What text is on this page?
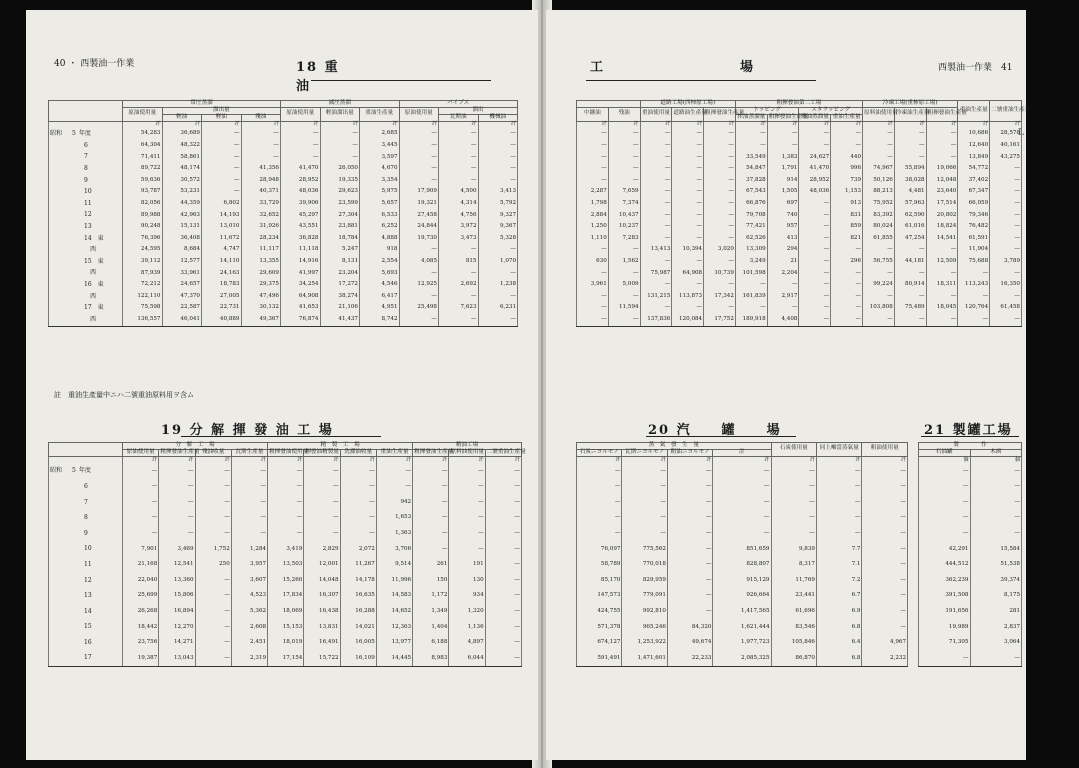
40 ・ 西製油一作業	18 重　　　　　　　　　　　　　油
	常圧蒸溜				減圧蒸溜			パイプス		
	原油使用量	溜出量			原油使用量	輕油溜出量	重油生產量	原油使用量	溜出	
		輕油	軽油	殘油					瓦斯油	機械油
	竏	竏	竏	竏	竏	竏	竏	竏	竏	竏
昭和 5 年度	54,283	36,689	—	—	—	—	2,685	—	—	—
6	64,304	48,322	—	—	—	—	3,445	—	—	—
7	71,411	58,861	—	—	—	—	3,597	—	—	—
8	89,722	48,174	—	41,356	41,470	26,050	4,670	—	—	—
9	59,636	30,572	—	28,948	28,952	19,335	3,354	—	—	—
10	93,787	53,231	—	40,371	48,036	29,623	5,975	17,909	4,500	3,413
11	82,056	44,359	6,802	33,729	39,906	23,599	5,657	19,321	4,314	5,792
12	89,988	42,963	14,193	32,652	45,297	27,304	6,533	27,458	4,756	9,327
13	90,248	15,131	13,010	31,926	43,551	23,881	6,252	24,844	3,972	9,367
14 東	76,396	36,408	11,672	28,234	36,828	18,784	4,888	19,730	3,473	5,328
西	24,595	8,684	4,747	11,117	11,118	5,247	918	—	—	—
15 東	39,112	12,577	14,110	13,355	14,916	8,131	2,554	4,085	815	1,070
西	87,939	33,961	24,163	29,609	41,997	23,204	5,693	—	—	—
16 東	72,212	24,657	18,783	29,375	34,254	17,272	4,546	12,925	2,692	1,238
西	122,110	47,370	27,005	47,496	64,908	38,274	6,417	—	—	—
17 東	75,598	22,587	22,731	30,132	41,653	21,106	4,951	25,498	7,623	6,231
西	136,557	46,041	40,889	49,367	76,874	41,437	8,742	—	—	—
註　重油生產量中ニハ二號重油原料用ヲ含ム
19 分 解 揮 發 油 工 場
	分　解　工　場				精　製　工　場				精油工場		
	原油使用量	粗揮發油生產量	殘油收量	瓦斯生產量	粗揮發油使用量	揮發油精製量	洗滌油收量	重油生產量	粗揮發油生產量	原料油使用量	二號重油生產量
	竏	竏	竏	竏	竏	竏	竏	竏	竏	竏	竏
昭和 5 年度	—	—	—	—	—	—	—	—	—	—	—
6	—	—	—	—	—	—	—	—	—	—	—
7	—	—	—	—	—	—	—	942	—	—	—
8	—	—	—	—	—	—	—	1,653	—	—	—
9	—	—	—	—	—	—	—	1,363	—	—	—
10	7,901	3,469	1,752	1,284	3,419	2,829	2,072	3,706	—	—	—
11	21,168	12,541	250	3,957	13,503	12,001	11,267	9,514	261	191	—
12	22,040	13,360	—	3,607	15,260	14,048	14,178	11,996	150	130	—
13	25,699	15,806	—	4,523	17,834	16,307	16,635	14,583	1,172	934	—
14	26,268	16,894	—	5,362	18,069	16,438	16,288	14,652	1,349	1,320	—
15	18,442	12,270	—	2,608	15,153	13,831	14,021	12,363	1,404	1,136	—
16	23,756	14,271	—	2,451	18,019	16,491	16,005	13,977	6,188	4,897	—
17	19,387	13,043	—	2,319	17,154	15,722	16,109	14,445	8,983	6,044	—
工　　　　　　　　　場	西製油一作業　41
L
		道路工場(西柿原工場)			粗揮發油第二工場				冷凍工場(重柿原工場)			重油生產量	二號重油生產量
中継油	残油	重油使用量	道路油生產量	粗揮發油生產量	トッピング		スタラッピング		原料油使用量	冷凍油生產量	粗揮發油生產量		
					搾油蒸溜量	粗揮發油生產量	残油蒸溜量	重油生產量					
竏	竏	竏	竏	竏	竏	竏	竏	竏	竏	竏	竏	竏	竏
—	—	—	—	—	—	—	—	—	—	—	—	10,686	28,578
—	—	—	—	—	—	—	—	—	—	—	—	12,640	40,161
—	—	—	—	—	33,549	1,383	24,627	440	—	—	—	13,849	43,275
—	—	—	—	—	54,847	1,791	41,470	996	74,967	55,894	19,066	54,772	—
—	—	—	—	—	37,828	914	28,952	739	50,126	38,028	12,048	37,402	—
2,287	7,659	—	—	—	67,543	1,505	48,036	1,153	88,213	4,481	23,640	67,347	—
1,798	7,374	—	—	—	66,876	697	—	913	75,952	57,963	17,514	66,059	—
2,884	10,437	—	—	—	79,708	740	—	831	83,392	62,590	20,802	79,346	—
1,250	10,237	—	—	—	77,421	957	—	859	80,024	61,016	18,824	76,482	—
1,110	7,283	—	—	—	62,526	413	—	821	61,855	47,254	14,541	61,591	—
—	—	13,413	10,394	3,020	13,309	294	—	—	—	—	—	11,904	—
630	1,562	—	—	—	3,249	21	—	296	56,755	44,181	12,509	75,688	3,789
—	—	75,987	64,908	10,739	101,598	2,204	—	—	—	—	—	—	—
3,961	5,009	—	—	—	—	—	—	—	99,224	80,914	18,311	113,243	16,350
—	—	131,215	113,873	17,342	161,839	2,917	—	—	—	—	—	—	—
—	11,594	—	—	—	—	—	—	—	103,808	75,489	18,045	120,764	61,458
—	—	137,836	120,084	17,752	189,918	4,408	—	—	—	—	—	—	—
20 汽　　罐　　場	21 製罐工場
蒸　氣　發　生　量				石炭使用量	同上噸當蒸氣量	粗油使用量
石炭ニヨルモノ	瓦斯ニヨルモノ	粗油ニヨルモノ	計			
竏	竏	竏	竏	竏	竏	竏
—	—	—	—	—	—	—
—	—	—	—	—	—	—
—	—	—	—	—	—	—
—	—	—	—	—	—	—
—	—	—	—	—	—	—
76,097	775,562	—	851,659	9,839	7.7	—
58,789	770,018	—	828,807	8,317	7.1	—
85,170	829,959	—	915,129	11,769	7.2	—
147,573	779,091	—	926,664	23,441	6.7	—
424,755	992,810	—	1,417,565	61,696	6.9	—
571,378	965,246	84,320	1,621,444	83,546	6.8	—
674,127	1,253,922	49,674	1,977,723	105,846	6.4	4,967
591,491	1,471,601	22,233	2,085,325	86,870	6.8	2,232
製　　　　作	
石油罐	木函
個	個
—	—
—	—
—	—
—	—
—	—
42,291	15,584
444,512	51,538
362,239	39,374
391,508	8,175
191,656	281
19,989	2,837
71,305	3,064
—	—
